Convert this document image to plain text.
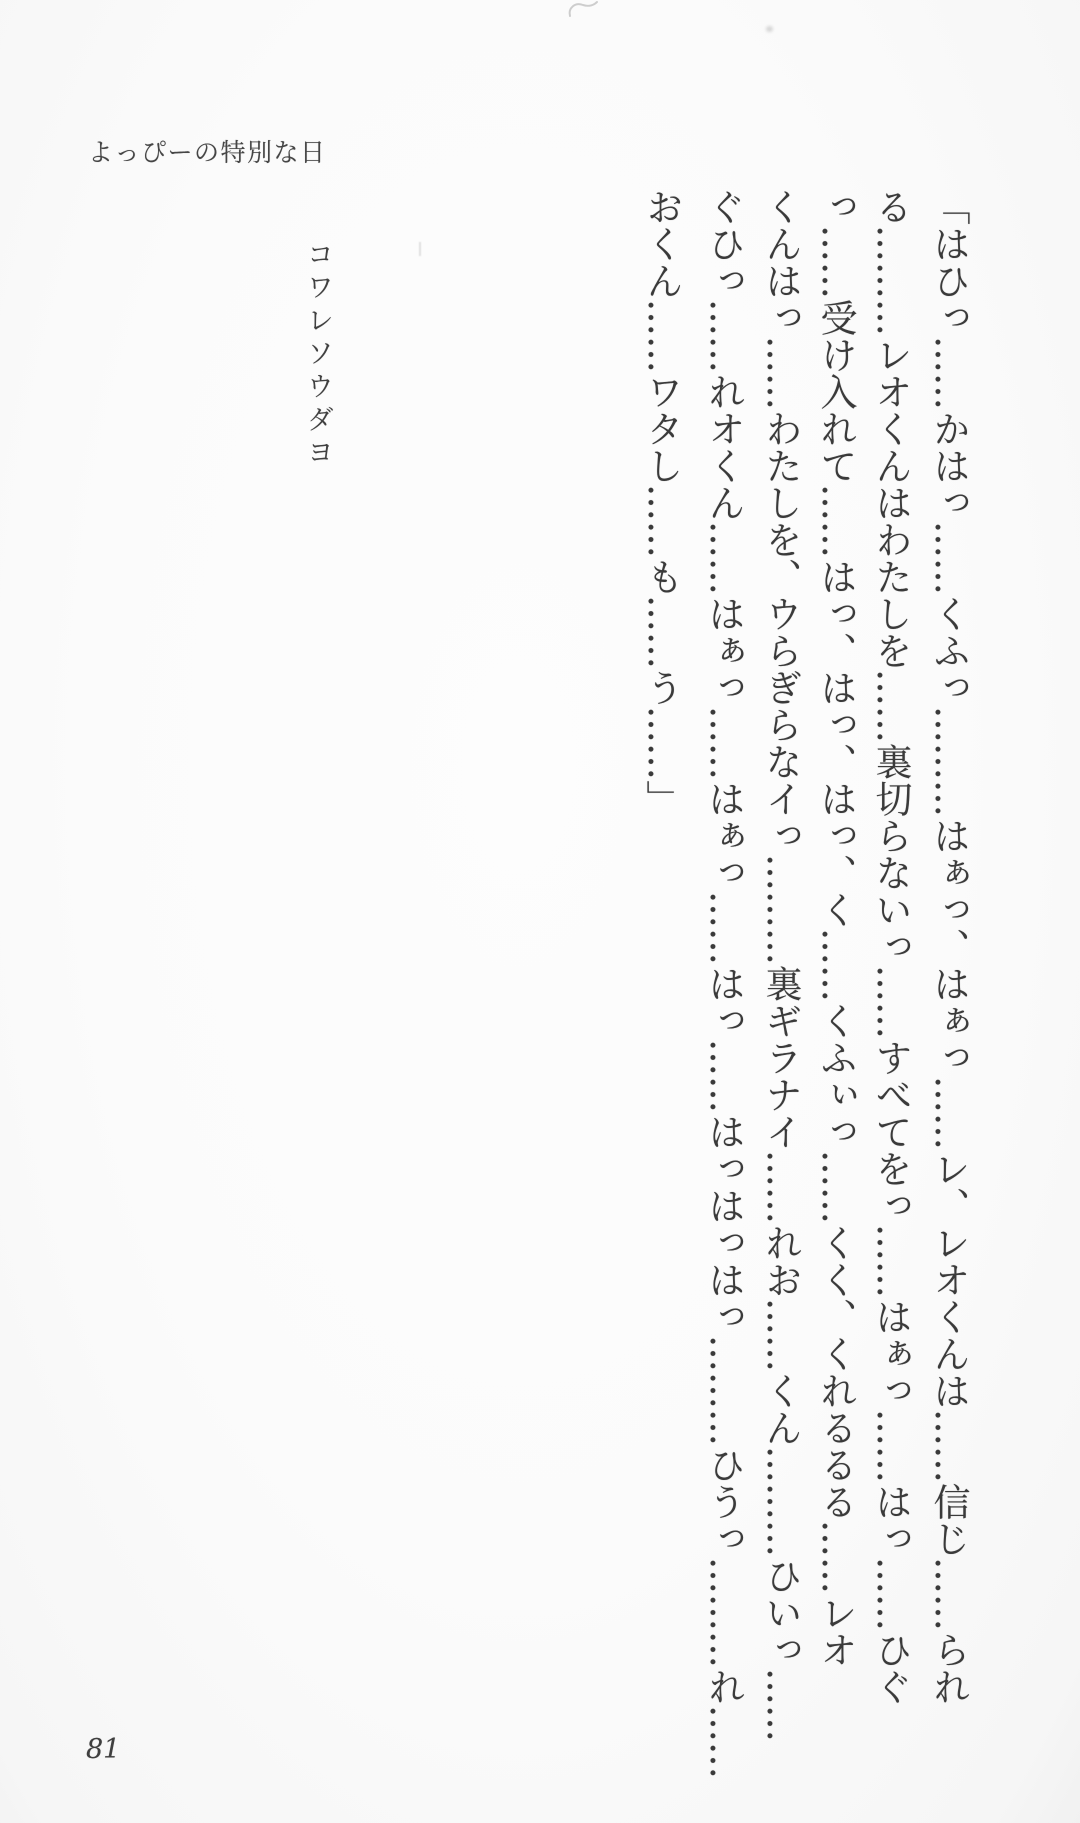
よっぴーの特別な日
「はひっ……かはっ……くふっ………はぁっ、はぁっ……レ、レオくんは……信じ……られ
る………レオくんはわたしを……裏切らないっ……すべてをっ……はぁっ……はっ……ひぐ
っ……受け入れて……はっ、はっ、はっ、く……くふぃっ……くく、くれるるる……レオ
くんはっ……わたしを、ウらぎらなイっ………裏ギラナイ……れお……くん………ひいっ……
ぐひっ……れオくん……はぁっ……はぁっ……はっ……はっはっはっ………ひうっ………れ……
おくん……ワタし……も……う……」
コワレソウダヨ
81
